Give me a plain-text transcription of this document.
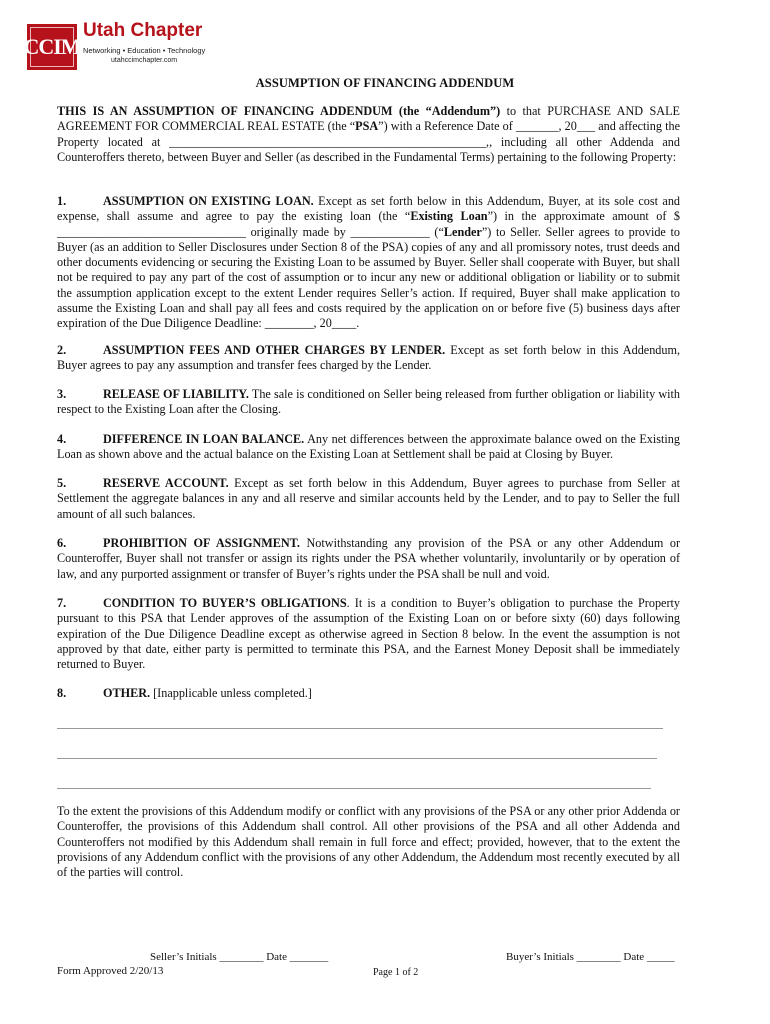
CCIM
Utah Chapter
Networking • Education • Technology
utahccimchapter.com
ASSUMPTION OF FINANCING ADDENDUM
THIS IS AN ASSUMPTION OF FINANCING ADDENDUM (the “Addendum”) to that PURCHASE AND SALE AGREEMENT FOR COMMERCIAL REAL ESTATE (the “PSA”) with a Reference Date of _______, 20___ and affecting the Property located at ____________________________________________________,, including all other Addenda and Counteroffers thereto, between Buyer and Seller (as described in the Fundamental Terms) pertaining to the following Property:
1.	ASSUMPTION ON EXISTING LOAN. Except as set forth below in this Addendum, Buyer, at its sole cost and expense, shall assume and agree to pay the existing loan (the “Existing Loan”) in the approximate amount of $ _______________________________ originally made by _____________ (“Lender”) to Seller. Seller agrees to provide to Buyer (as an addition to Seller Disclosures under Section 8 of the PSA) copies of any and all promissory notes, trust deeds and other documents evidencing or securing the Existing Loan to be assumed by Buyer. Seller shall cooperate with Buyer, but shall not be required to pay any part of the cost of assumption or to incur any new or additional obligation or liability or to submit the assumption application except to the extent Lender requires Seller’s action. If required, Buyer shall make application to assume the Existing Loan and shall pay all fees and costs required by the application on or before five (5) business days after expiration of the Due Diligence Deadline: ________, 20____.
2.	ASSUMPTION FEES AND OTHER CHARGES BY LENDER. Except as set forth below in this Addendum, Buyer agrees to pay any assumption and transfer fees charged by the Lender.
3.	RELEASE OF LIABILITY. The sale is conditioned on Seller being released from further obligation or liability with respect to the Existing Loan after the Closing.
4.	DIFFERENCE IN LOAN BALANCE. Any net differences between the approximate balance owed on the Existing Loan as shown above and the actual balance on the Existing Loan at Settlement shall be paid at Closing by Buyer.
5.	RESERVE ACCOUNT. Except as set forth below in this Addendum, Buyer agrees to purchase from Seller at Settlement the aggregate balances in any and all reserve and similar accounts held by the Lender, and to pay to Seller the full amount of all such balances.
6.	PROHIBITION OF ASSIGNMENT. Notwithstanding any provision of the PSA or any other Addendum or Counteroffer, Buyer shall not transfer or assign its rights under the PSA whether voluntarily, involuntarily or by operation of law, and any purported assignment or transfer of Buyer’s rights under the PSA shall be null and void.
7.	CONDITION TO BUYER’S OBLIGATIONS. It is a condition to Buyer’s obligation to purchase the Property pursuant to this PSA that Lender approves of the assumption of the Existing Loan on or before sixty (60) days following expiration of the Due Diligence Deadline except as otherwise agreed in Section 8 below. In the event the assumption is not approved by that date, either party is permitted to terminate this PSA, and the Earnest Money Deposit shall be immediately returned to Buyer.
8.	OTHER. [Inapplicable unless completed.]
To the extent the provisions of this Addendum modify or conflict with any provisions of the PSA or any other prior Addenda or Counteroffer, the provisions of this Addendum shall control. All other provisions of the PSA and all other Addenda and Counteroffers not modified by this Addendum shall remain in full force and effect; provided, however, that to the extent the provisions of any Addendum conflict with the provisions of any other Addendum, the Addendum most recently executed by all of the parties will control.
Seller’s Initials ________ Date _______	Buyer’s Initials ________ Date _____
Form Approved 2/20/13	Page 1 of 2
